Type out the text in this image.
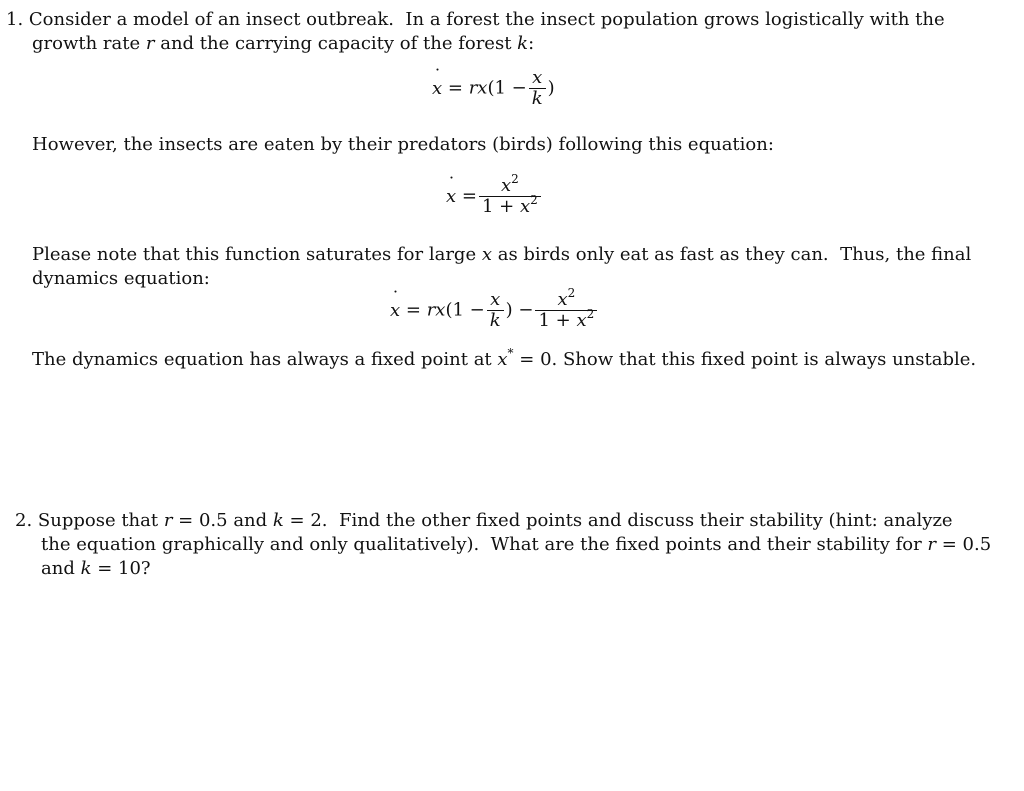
1. Consider a model of an insect outbreak.  In a forest the insect population grows logistically with the
growth rate r and the carrying capacity of the forest k:
˙ $x = rx(1 - \frac{x}{k}$ )
However, the insects are eaten by their predators (birds) following this equation:
˙ $x = \frac{x^2}{1 + x^2}$
Please note that this function saturates for large x as birds only eat as fast as they can.  Thus, the final
dynamics equation:
˙ $x = rx(1 - \frac{x}{k}$ ) − $\frac{x^2}{1 + x^2}$
The dynamics equation has always a fixed point at x* = 0. Show that this fixed point is always unstable.
2. Suppose that r = 0.5 and k = 2.  Find the other fixed points and discuss their stability (hint: analyze
the equation graphically and only qualitatively).  What are the fixed points and their stability for r = 0.5
and k = 10?
